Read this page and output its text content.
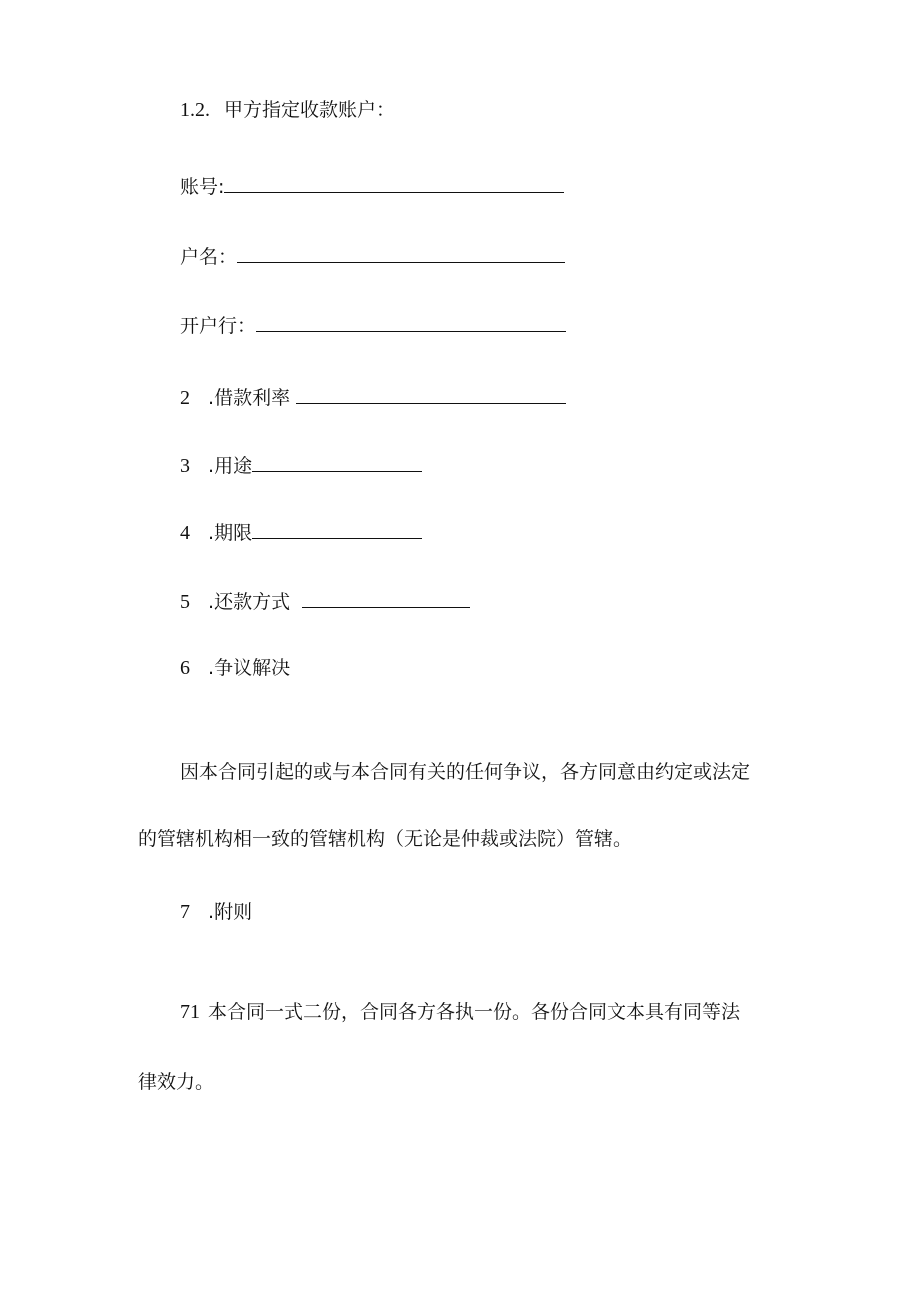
1.2. 甲方指定收款账户：
账号:
户名：
开户行：
2 .借款利率
3 .用途
4 .期限
5 .还款方式
6 .争议解决
因本合同引起的或与本合同有关的任何争议，各方同意由约定或法定
的管辖机构相一致的管辖机构（无论是仲裁或法院）管辖。
7 .附则
71 本合同一式二份，合同各方各执一份。各份合同文本具有同等法
律效力。
